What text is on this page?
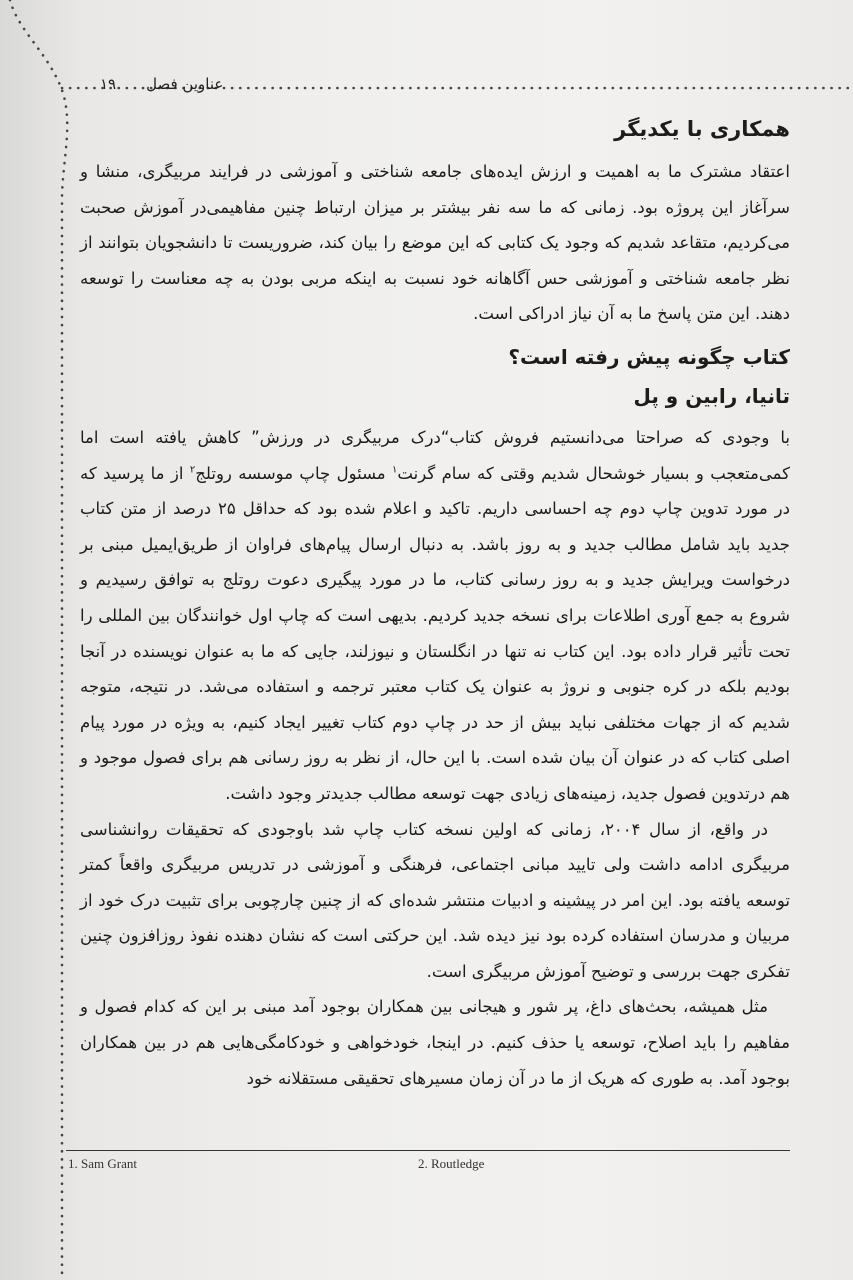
۱۹ عناوین فصل
همکاری با یکدیگر

اعتقاد مشترک ما به اهمیت و ارزش ایده‌های جامعه شناختی و آموزشی در فرایند مربیگری، منشا و سرآغاز این پروژه بود. زمانی که ما سه نفر بیشتر بر میزان ارتباط چنین مفاهیمی‌در آموزش صحبت می‌کردیم، متقاعد شدیم که وجود یک کتابی که این موضع را بیان کند، ضروریست تا دانشجویان بتوانند از نظر جامعه شناختی و آموزشی حس آگاهانه خود نسبت به اینکه مربی بودن به چه معناست را توسعه دهند. این متن پاسخ ما به آن نیاز ادراکی است.

کتاب چگونه پیش رفته است؟
تانیا، رابین و پل

با وجودی که صراحتا می‌دانستیم فروش کتاب“درک مربیگری در ورزش” کاهش یافته است اما کمی‌متعجب و بسیار خوشحال شدیم وقتی که سام گرنت$^۱$ مسئول چاپ موسسه روتلج$^۲$ از ما پرسید که در مورد تدوین چاپ دوم چه احساسی داریم. تاکید و اعلام شده بود که حداقل ۲۵ درصد از متن کتاب جدید باید شامل مطالب جدید و به روز باشد. به دنبال ارسال پیام‌های فراوان از طریق‌ایمیل مبنی بر درخواست ویرایش جدید و به روز رسانی کتاب، ما در مورد پیگیری دعوت روتلج به توافق رسیدیم و شروع به جمع آوری اطلاعات برای نسخه جدید کردیم. بدیهی است که چاپ اول خوانندگان بین المللی را تحت تأثیر قرار داده بود. این کتاب نه تنها در انگلستان و نیوزلند، جایی که ما به عنوان نویسنده در آنجا بودیم بلکه در کره جنوبی و نروژ به عنوان یک کتاب معتبر ترجمه و استفاده می‌شد. در نتیجه، متوجه شدیم که از جهات مختلفی نباید بیش از حد در چاپ دوم کتاب تغییر ایجاد کنیم، به ویژه در مورد پیام اصلی کتاب که در عنوان آن بیان شده است. با این حال، از نظر به روز رسانی هم برای فصول موجود و هم درتدوین فصول جدید، زمینه‌های زیادی جهت توسعه مطالب جدیدتر وجود داشت.

در واقع، از سال ۲۰۰۴، زمانی که اولین نسخه کتاب چاپ شد باوجودی که تحقیقات روانشناسی مربیگری ادامه داشت ولی تایید مبانی اجتماعی، فرهنگی و آموزشی در تدریس مربیگری واقعاً کمتر توسعه یافته بود. این امر در پیشینه و ادبیات منتشر شده‌ای که از چنین چارچوبی برای تثبیت درک خود از مربیان و مدرسان استفاده کرده بود نیز دیده شد. این حرکتی است که نشان دهنده نفوذ روزافزون چنین تفکری جهت بررسی و توضیح آموزش مربیگری است.

مثل همیشه، بحث‌های داغ، پر شور و هیجانی بین همکاران بوجود آمد مبنی بر این که کدام فصول و مفاهیم را باید اصلاح، توسعه یا حذف کنیم. در اینجا، خودخواهی و خودکامگی‌هایی هم در بین همکاران بوجود آمد. به طوری که هریک از ما در آن زمان مسیرهای تحقیقی مستقلانه خود

1. Sam Grant	2. Routledge
